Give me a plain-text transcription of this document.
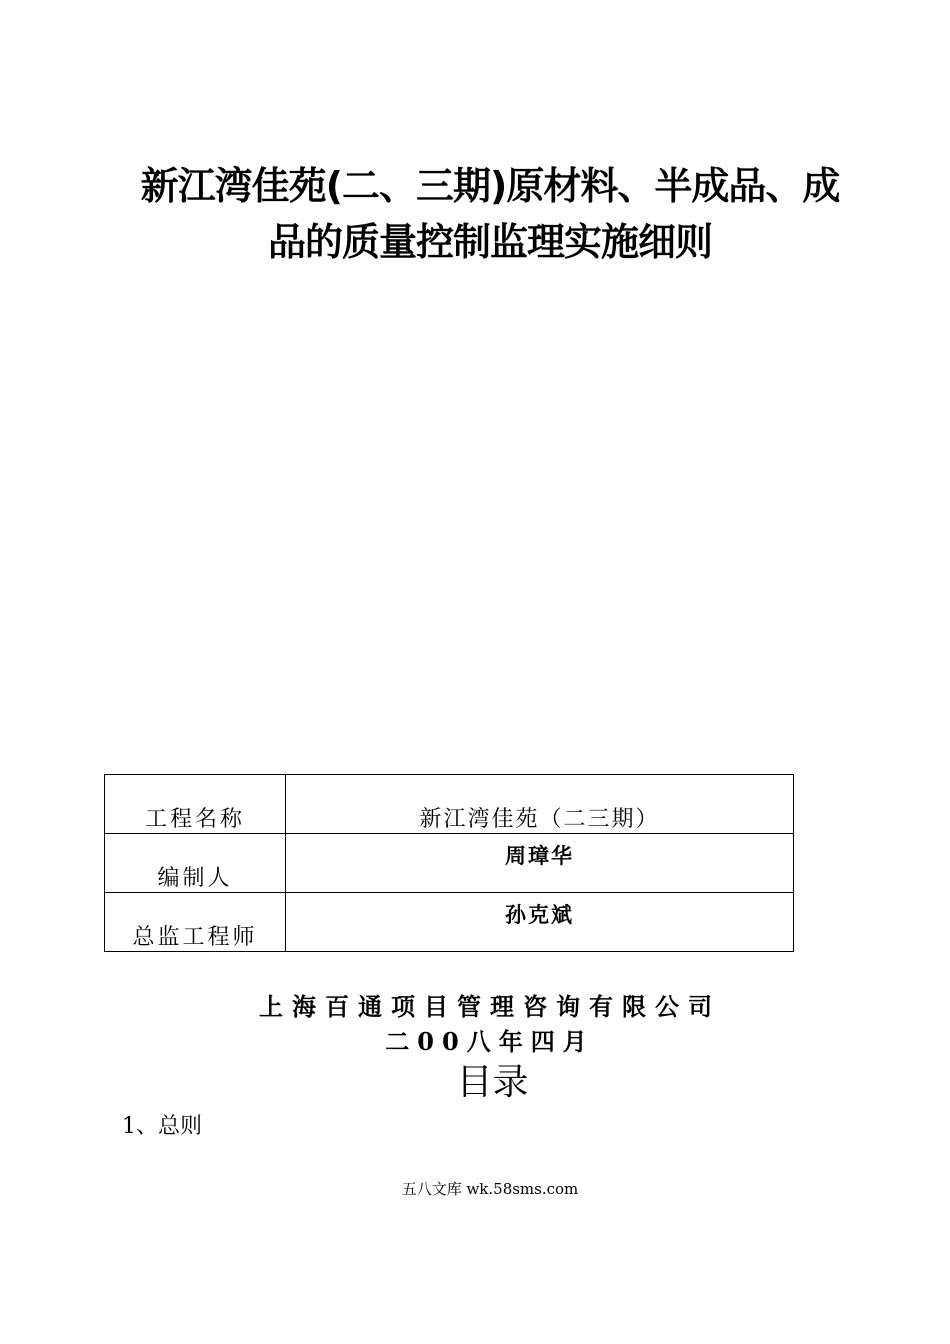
新江湾佳苑(二、三期)原材料、半成品、成
品的质量控制监理实施细则
工程名称	新江湾佳苑（二三期）
编制人	周璋华
总监工程师	孙克斌
上海百通项目管理咨询有限公司
二00八年四月
目录
1、总则
五八文库 wk.58sms.com
